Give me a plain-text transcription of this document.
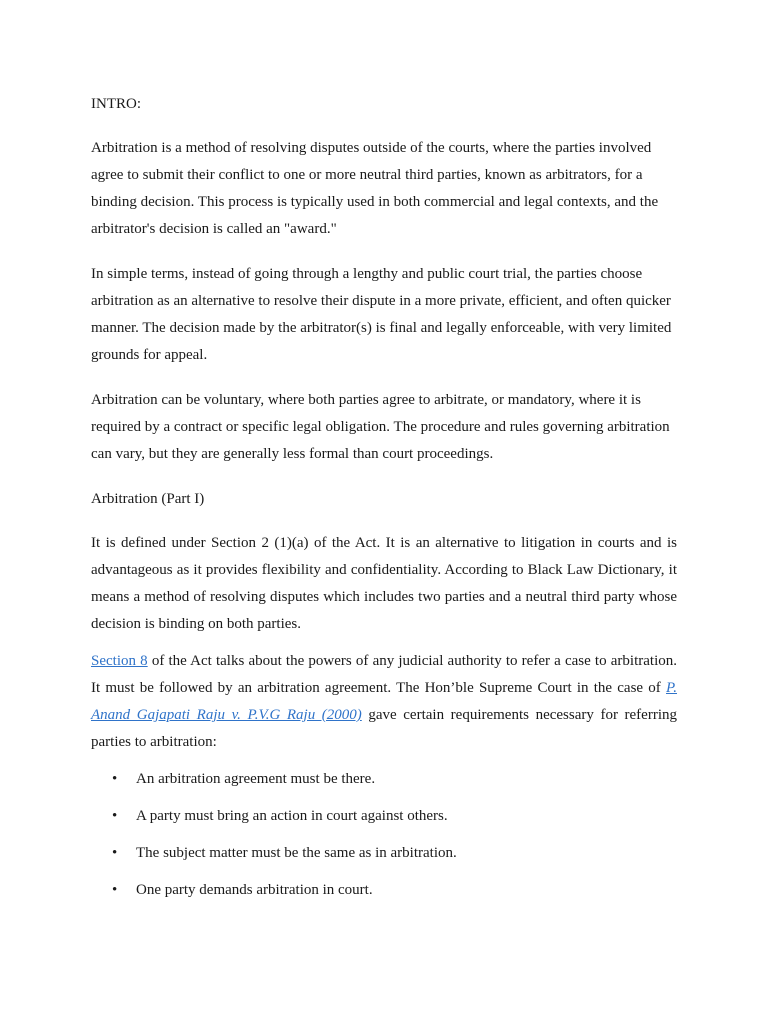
INTRO:

Arbitration is a method of resolving disputes outside of the courts, where the parties involved agree to submit their conflict to one or more neutral third parties, known as arbitrators, for a binding decision. This process is typically used in both commercial and legal contexts, and the arbitrator's decision is called an "award."

In simple terms, instead of going through a lengthy and public court trial, the parties choose arbitration as an alternative to resolve their dispute in a more private, efficient, and often quicker manner. The decision made by the arbitrator(s) is final and legally enforceable, with very limited grounds for appeal.

Arbitration can be voluntary, where both parties agree to arbitrate, or mandatory, where it is required by a contract or specific legal obligation. The procedure and rules governing arbitration can vary, but they are generally less formal than court proceedings.

Arbitration (Part I)

It is defined under Section 2 (1)(a) of the Act. It is an alternative to litigation in courts and is advantageous as it provides flexibility and confidentiality. According to Black Law Dictionary, it means a method of resolving disputes which includes two parties and a neutral third party whose decision is binding on both parties.

Section 8 of the Act talks about the powers of any judicial authority to refer a case to arbitration. It must be followed by an arbitration agreement. The Hon’ble Supreme Court in the case of P. Anand Gajapati Raju v. P.V.G Raju (2000) gave certain requirements necessary for referring parties to arbitration:

• An arbitration agreement must be there.
• A party must bring an action in court against others.
• The subject matter must be the same as in arbitration.
• One party demands arbitration in court.
